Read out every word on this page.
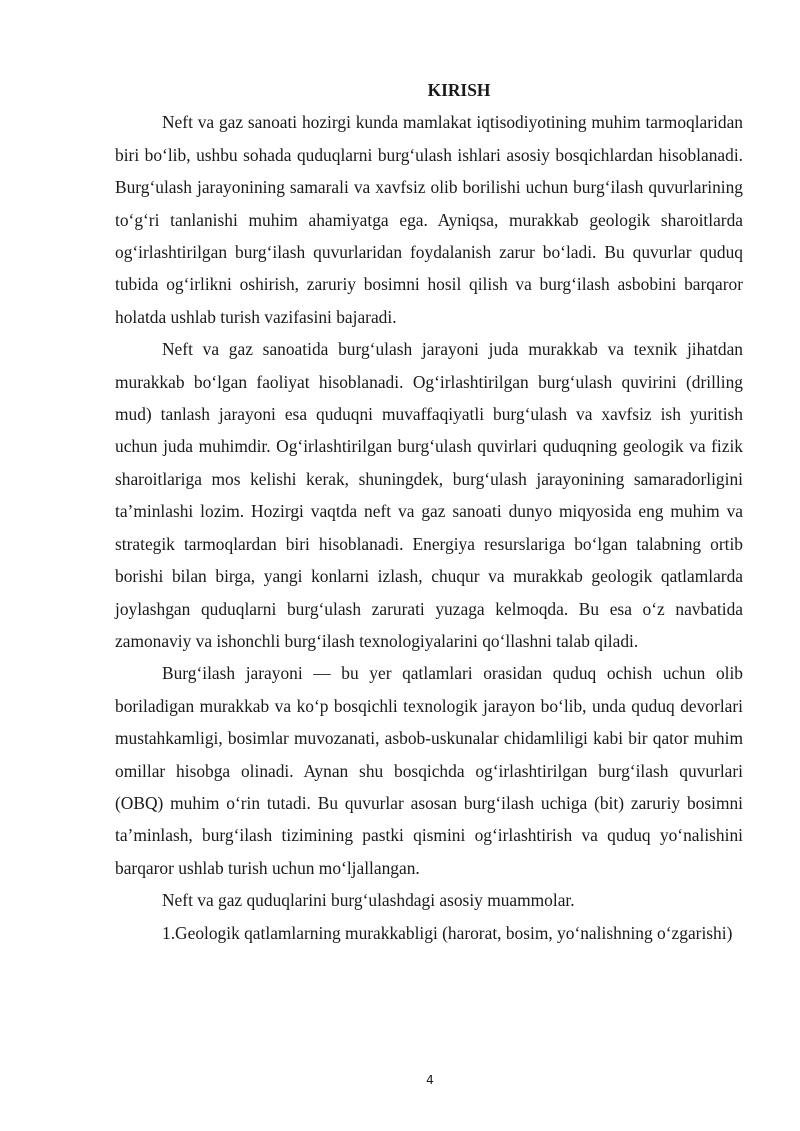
KIRISH

Neft va gaz sanoati hozirgi kunda mamlakat iqtisodiyotining muhim tarmoqlaridan biri bo‘lib, ushbu sohada quduqlarni burg‘ulash ishlari asosiy bosqichlardan hisoblanadi. Burg‘ulash jarayonining samarali va xavfsiz olib borilishi uchun burg‘ilash quvurlarining to‘g‘ri tanlanishi muhim ahamiyatga ega. Ayniqsa, murakkab geologik sharoitlarda og‘irlashtirilgan burg‘ilash quvurlaridan foydalanish zarur bo‘ladi. Bu quvurlar quduq tubida og‘irlikni oshirish, zaruriy bosimni hosil qilish va burg‘ilash asbobini barqaror holatda ushlab turish vazifasini bajaradi.

Neft va gaz sanoatida burg‘ulash jarayoni juda murakkab va texnik jihatdan murakkab bo‘lgan faoliyat hisoblanadi. Og‘irlashtirilgan burg‘ulash quvirini (drilling mud) tanlash jarayoni esa quduqni muvaffaqiyatli burg‘ulash va xavfsiz ish yuritish uchun juda muhimdir. Og‘irlashtirilgan burg‘ulash quvirlari quduqning geologik va fizik sharoitlariga mos kelishi kerak, shuningdek, burg‘ulash jarayonining samaradorligini ta’minlashi lozim. Hozirgi vaqtda neft va gaz sanoati dunyo miqyosida eng muhim va strategik tarmoqlardan biri hisoblanadi. Energiya resurslariga bo‘lgan talabning ortib borishi bilan birga, yangi konlarni izlash, chuqur va murakkab geologik qatlamlarda joylashgan quduqlarni burg‘ulash zarurati yuzaga kelmoqda. Bu esa o‘z navbatida zamonaviy va ishonchli burg‘ilash texnologiyalarini qo‘llashni talab qiladi.

Burg‘ilash jarayoni — bu yer qatlamlari orasidan quduq ochish uchun olib boriladigan murakkab va ko‘p bosqichli texnologik jarayon bo‘lib, unda quduq devorlari mustahkamligi, bosimlar muvozanati, asbob-uskunalar chidamliligi kabi bir qator muhim omillar hisobga olinadi. Aynan shu bosqichda og‘irlashtirilgan burg‘ilash quvurlari (OBQ) muhim o‘rin tutadi. Bu quvurlar asosan burg‘ilash uchiga (bit) zaruriy bosimni ta’minlash, burg‘ilash tizimining pastki qismini og‘irlashtirish va quduq yo‘nalishini barqaror ushlab turish uchun mo‘ljallangan.

Neft va gaz quduqlarini burg‘ulashdagi asosiy muammolar.

1.Geologik qatlamlarning murakkabligi (harorat, bosim, yo‘nalishning o‘zgarishi)

4
